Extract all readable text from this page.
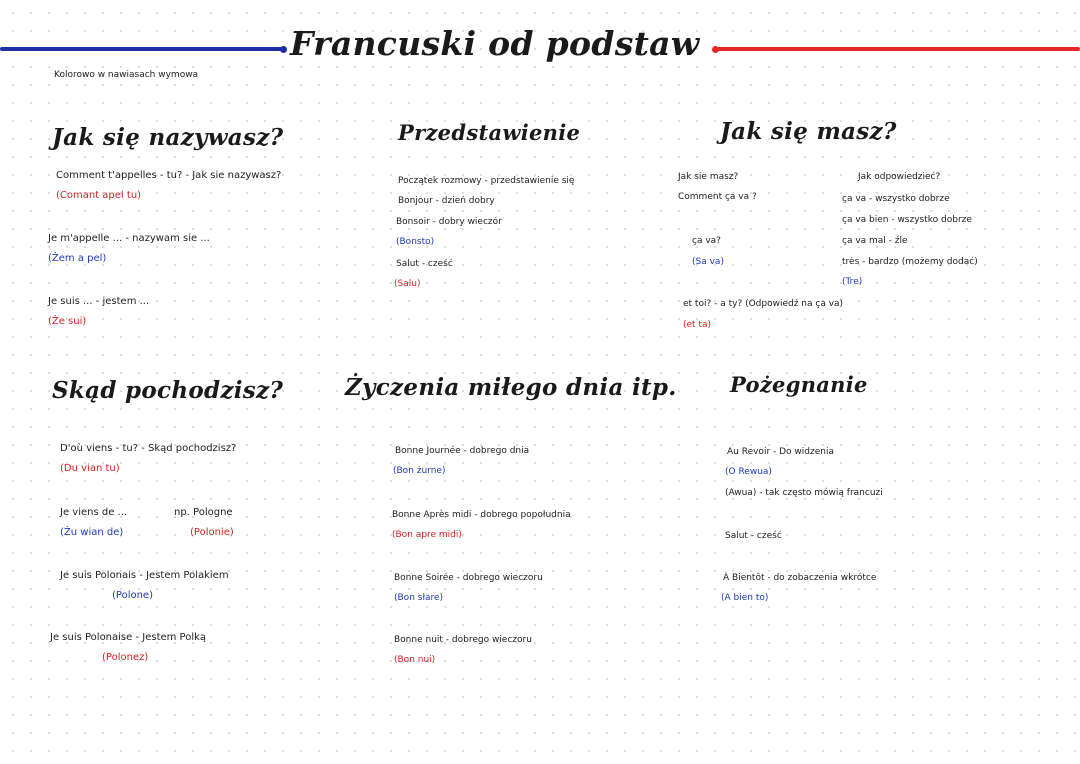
Francuski od podstaw
Kolorowo w nawiasach wymowa
Jak się nazywasz?
Comment t'appelles - tu? - Jak sie nazywasz?
(Comant apel tu)
Je m'appelle ... - nazywam sie ...
(Żem a pel)
Je suis ... - jestem ...
(Że sui)
Przedstawienie
Początek rozmowy - przedstawienie się
Bonjour - dzień dobry
Bonsoir - dobry wieczór
(Bonsto)
Salut - cześć
(Salu)
Jak się masz?
Jak sie masz?
Comment ça va ?
ça va?
(Sa va)
Jak odpowiedzieć?
ça va - wszystko dobrze
ça va bien - wszystko dobrze
ça va mal - źle
très - bardzo (możemy dodać)
(Tre)
et toi? - a ty? (Odpowiedź na ça va)
(et ta)
Skąd pochodzisz?
D'où viens - tu? - Skąd pochodzisz?
(Du vian tu)
Je viens de ...	np. Pologne
(Żu wian de)	(Polonie)
Je suis Polonais - Jestem Polakiem
(Polone)
Je suis Polonaise - Jestem Polką
(Polonez)
Życzenia miłego dnia itp.
Bonne Journée - dobrego dnia
(Bon żurne)
Bonne Après midi - dobrego popołudnia
(Bon apre midi)
Bonne Soirée - dobrego wieczoru
(Bon słare)
Bonne nuit - dobrego wieczoru
(Bon nui)
Pożegnanie
Au Revoir - Do widzenia
(O Rewua)
(Awua) - tak często mówią francuzi
Salut - cześć
À Bientôt - do zobaczenia wkrótce
(A bien to)
